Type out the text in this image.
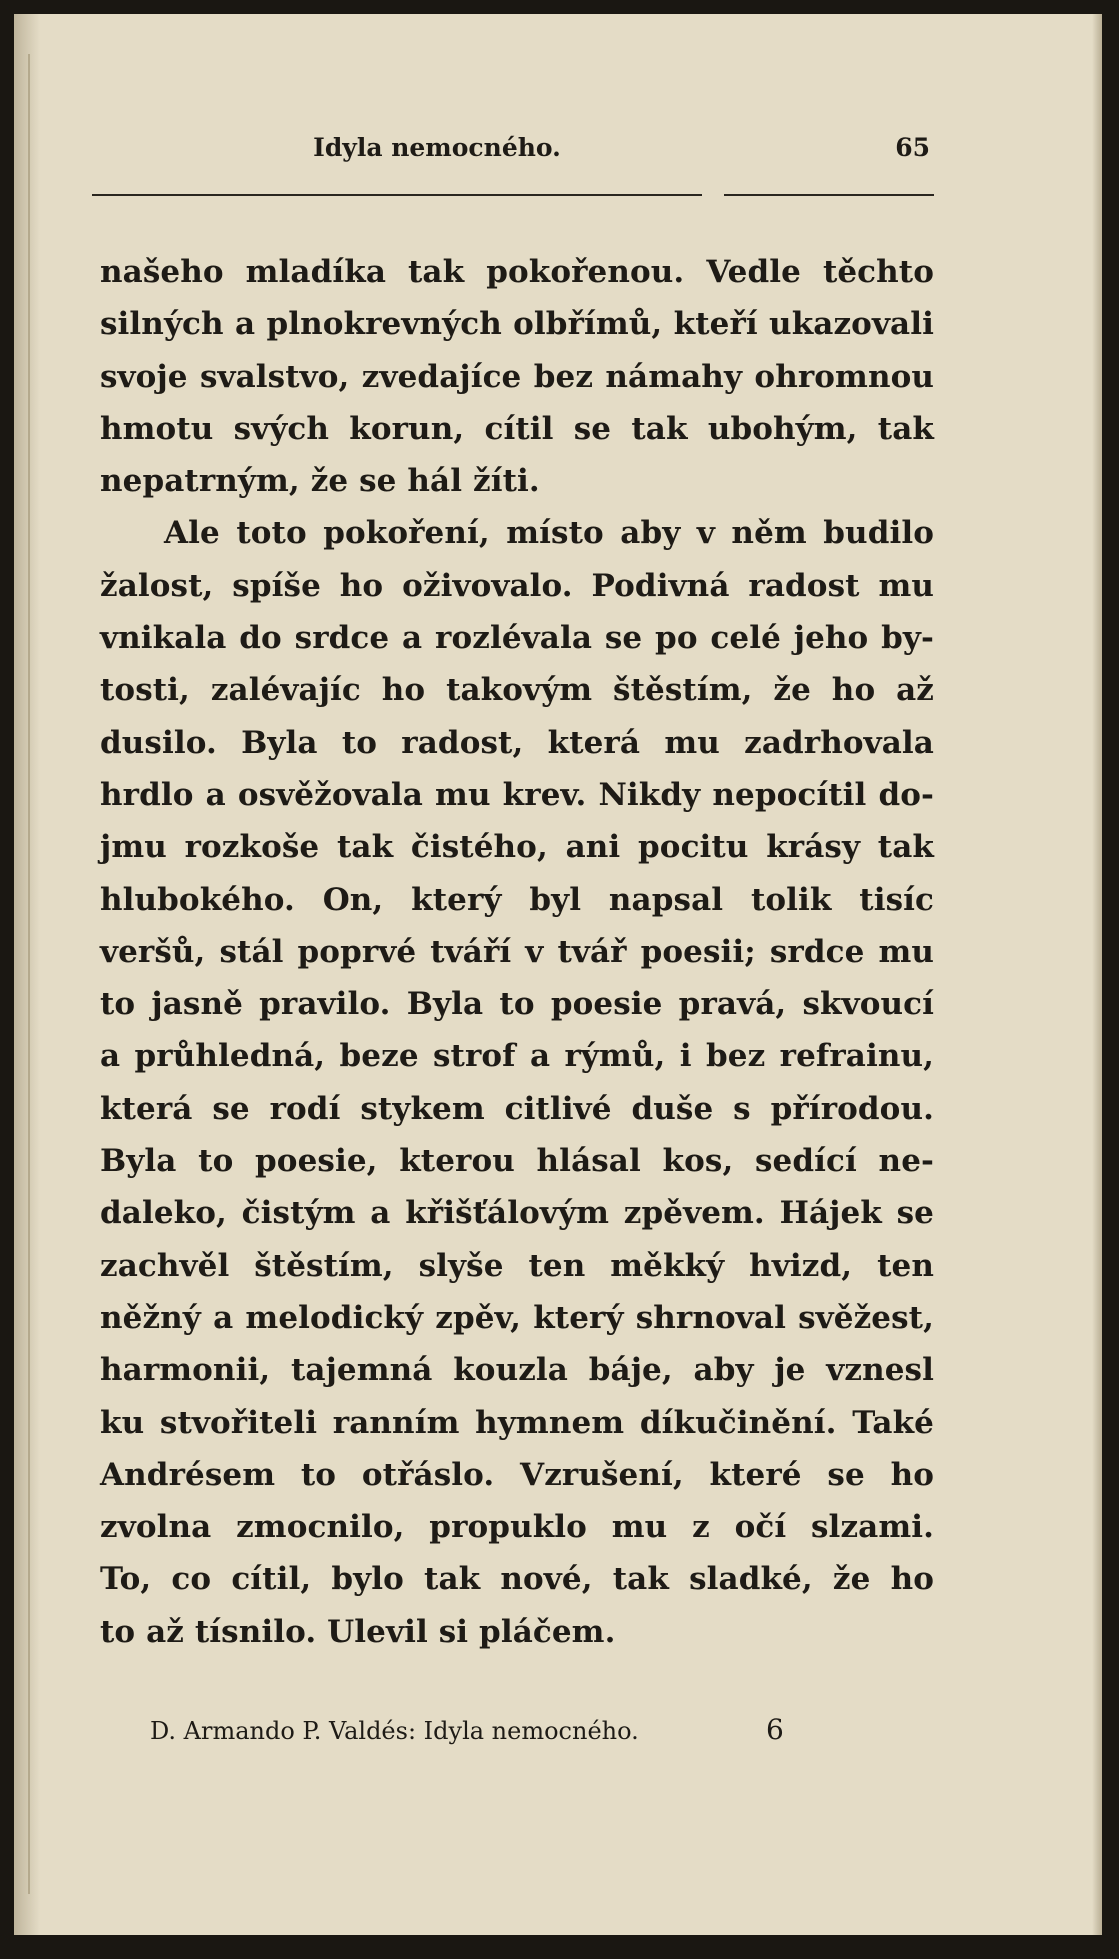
Idyla nemocného.	65
našeho mladíka tak pokořenou. Vedle těchto
silných a plnokrevných olbřímů, kteří ukazovali
svoje svalstvo, zvedajíce bez námahy ohromnou
hmotu svých korun, cítil se tak ubohým, tak
nepatrným, že se hál žíti.
Ale toto pokoření, místo aby v něm budilo
žalost, spíše ho oživovalo. Podivná radost mu
vnikala do srdce a rozlévala se po celé jeho by-
tosti, zalévajíc ho takovým štěstím, že ho až
dusilo. Byla to radost, která mu zadrhovala
hrdlo a osvěžovala mu krev. Nikdy nepocítil do-
jmu rozkoše tak čistého, ani pocitu krásy tak
hlubokého. On, který byl napsal tolik tisíc
veršů, stál poprvé tváří v tvář poesii; srdce mu
to jasně pravilo. Byla to poesie pravá, skvoucí
a průhledná, beze strof a rýmů, i bez refrainu,
která se rodí stykem citlivé duše s přírodou.
Byla to poesie, kterou hlásal kos, sedící ne-
daleko, čistým a křišťálovým zpěvem. Hájek se
zachvěl štěstím, slyše ten měkký hvizd, ten
něžný a melodický zpěv, který shrnoval svěžest,
harmonii, tajemná kouzla báje, aby je vznesl
ku stvořiteli ranním hymnem díkučinění. Také
Andrésem to otřáslo. Vzrušení, které se ho
zvolna zmocnilo, propuklo mu z očí slzami.
To, co cítil, bylo tak nové, tak sladké, že ho
to až tísnilo. Ulevil si pláčem.
D. Armando P. Valdés: Idyla nemocného.	6
